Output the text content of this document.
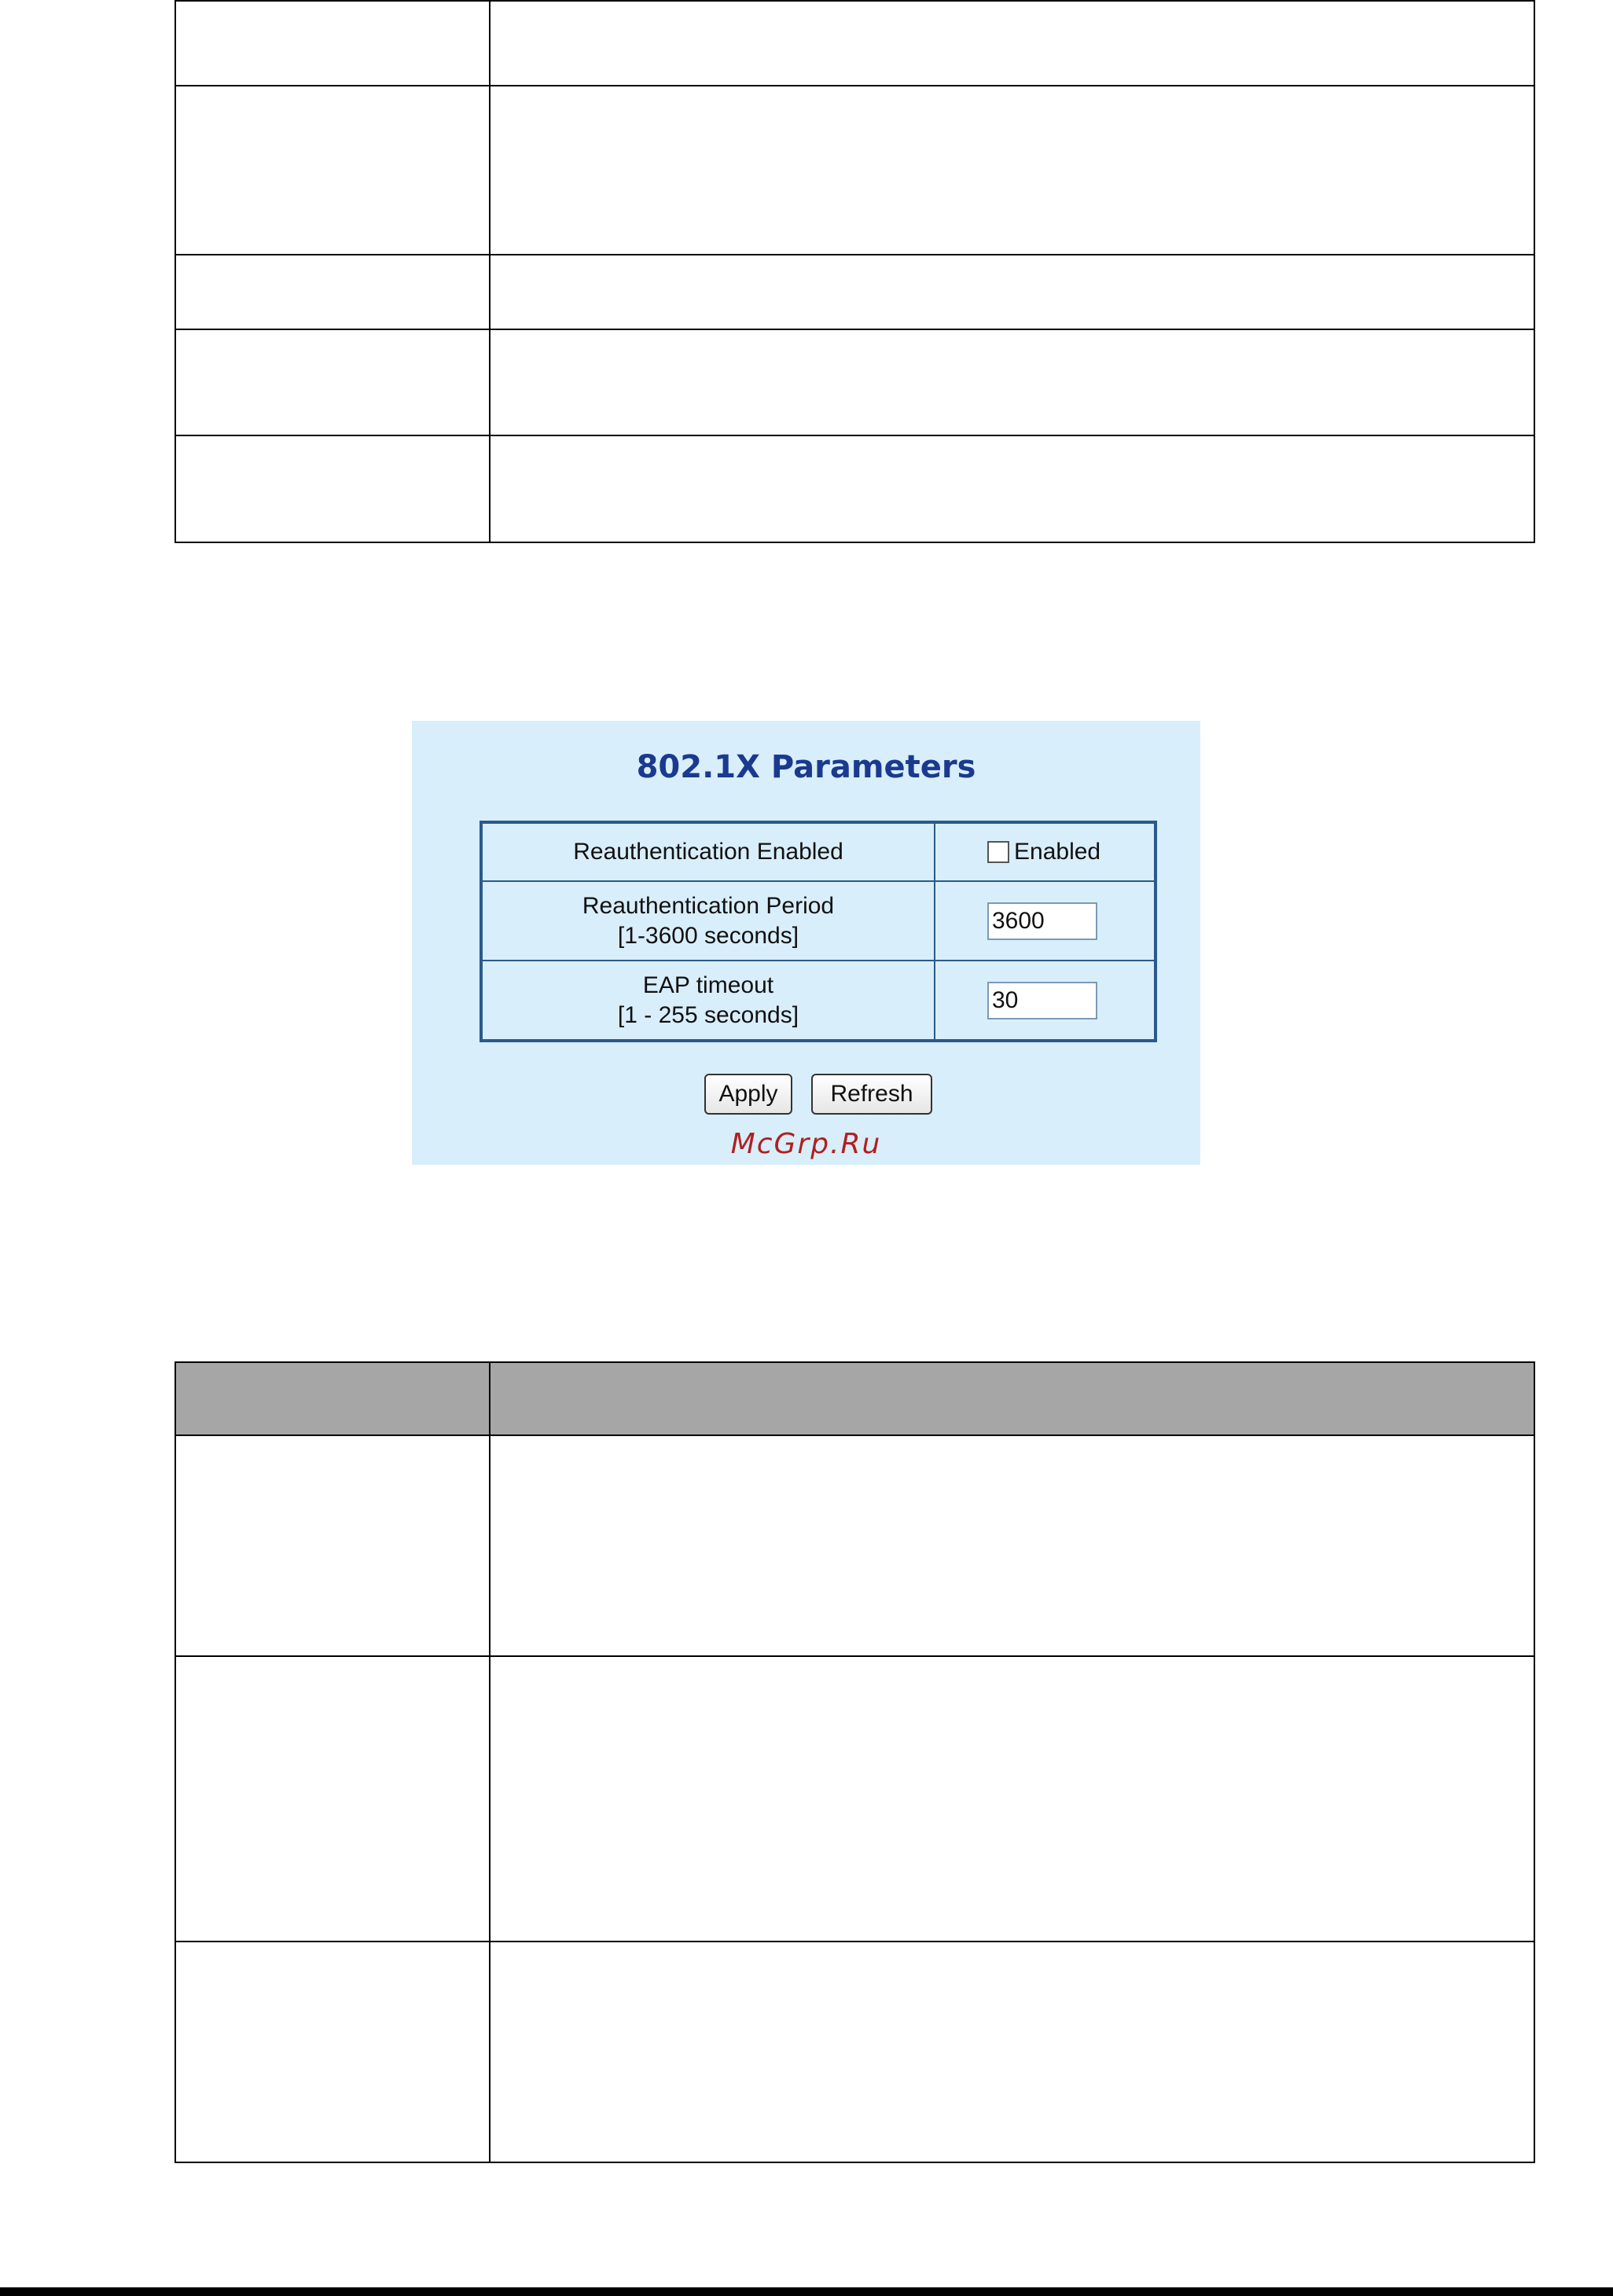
802.1X Parameters
Reauthentication Enabled	Enabled

Reauthentication Period
[1-3600 seconds]
	3600

EAP timeout
[1 - 255 seconds]
	30
Apply	Refresh
McGrp.Ru
